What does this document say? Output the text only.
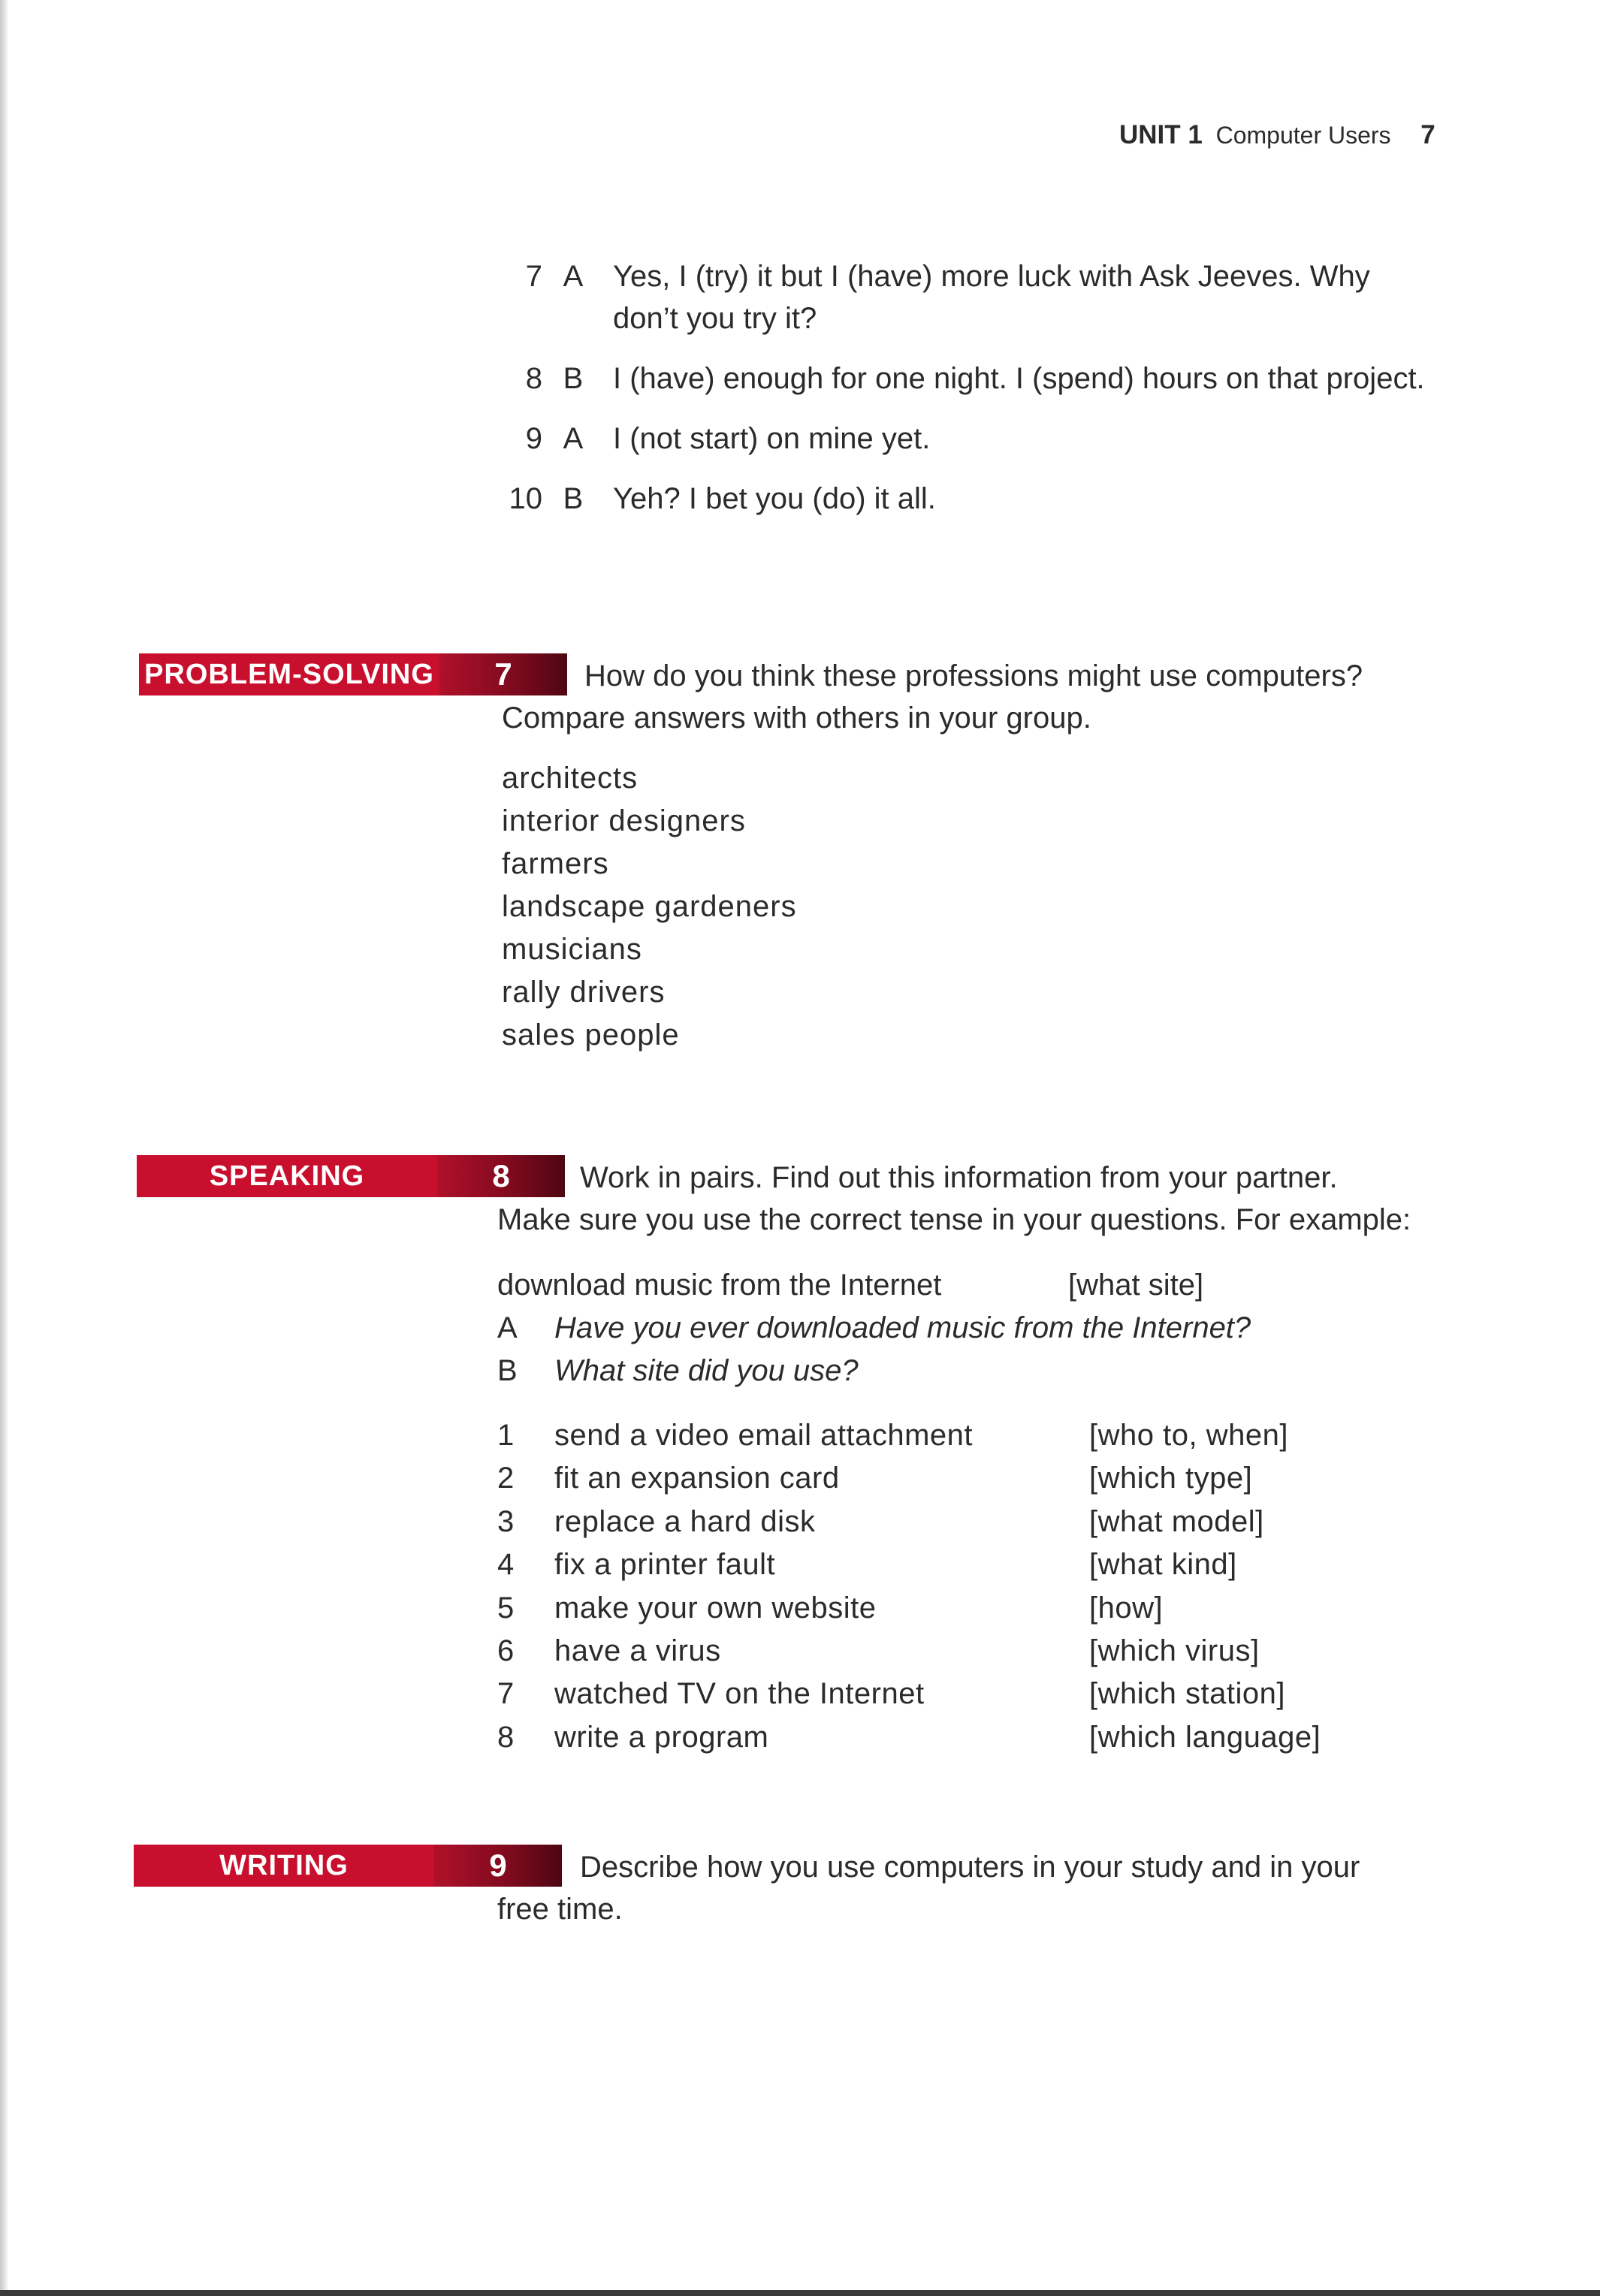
UNIT 1 Computer Users 7
7 A Yes, I (try) it but I (have) more luck with Ask Jeeves. Why don’t you try it?
8 B I (have) enough for one night. I (spend) hours on that project.
9 A I (not start) on mine yet.
10 B Yeh? I bet you (do) it all.
PROBLEM-SOLVING	7	How do you think these professions might use computers?
Compare answers with others in your group.
architects
interior designers
farmers
landscape gardeners
musicians
rally drivers
sales people
SPEAKING	8	Work in pairs. Find out this information from your partner.
Make sure you use the correct tense in your questions. For example:
download music from the Internet	[what site]
A	Have you ever downloaded music from the Internet?
B	What site did you use?
1	send a video email attachment	[who to, when]
2	fit an expansion card	[which type]
3	replace a hard disk	[what model]
4	fix a printer fault	[what kind]
5	make your own website	[how]
6	have a virus	[which virus]
7	watched TV on the Internet	[which station]
8	write a program	[which language]
WRITING	9	Describe how you use computers in your study and in your
free time.
